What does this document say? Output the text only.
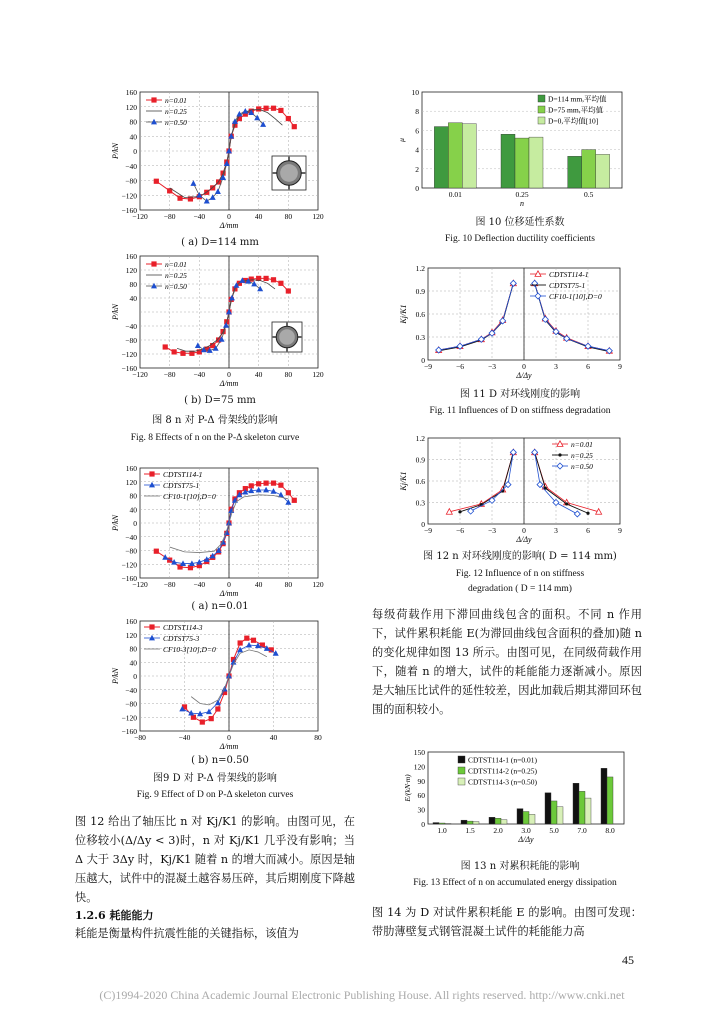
160
120
80
40
0
−40
−80
−120
−160
−120 −80 −40	0	40	80	120
Δ/mm
P/kN
n=0.01
n=0.25
n=0.50
( a) D=114 mm
160
120
80
40
−40
−80
−120
−160
−120 −80 −40	0	40	80	120
Δ/mm
P/kN
n=0.01
n=0.25
n=0.50
( b) D=75 mm
图 8 n 对 P-Δ 骨架线的影响
Fig. 8 Effects of n on the P-Δ skeleton curve
160
120
80
40
0
−40
−80
−120
−160
−120 −80 −40	0	40	80	120
Δ/mm
P/kN
CDTST114-1
CDTST75-1
CF10-1[10],D=0
( a) n=0.01
160
120
80
40
0
−40
−80
−120
−160
−80	−40	0	40	80
Δ/mm
P/kN
CDTST114-3
CDTST75-3
CF10-3[10],D=0
( b) n=0.50
图9 D 对 P-Δ 骨架线的影响
Fig. 9 Effect of D on P-Δ skeleton curves
10
8
6
4
2
0
0.01	0.25	0.5
n
μ
D=114 mm,平均值
D=75 mm,平均值
D=0,平均值[10]
图 10 位移延性系数
Fig. 10 Deflection ductility coefficients
1.2
0.9
0.6
0.3
0
−9	−6	−3	0	3	6	9
Δ/Δy
Kj/K1
CDTST114-1
CDTST75-1
CF10-1[10],D=0
图 11 D 对环线刚度的影响
Fig. 11 Influences of D on stiffness degradation
1.2
0.9
0.6
0.3
0
−9	−6	−3	0	3	6	9
Δ/Δy
Kj/K1
n=0.01
n=0.25
n=0.50
图 12 n 对环线刚度的影响( D = 114 mm)
Fig. 12 Influence of n on stiffness
degradation ( D = 114 mm)
每级荷载作用下滞回曲线包含的面积。不同 n 作用下，试件累积耗能 E(为滞回曲线包含面积的叠加)随 n 的变化规律如图 13 所示。由图可见，在同级荷载作用下，随着 n 的增大，试件的耗能能力逐渐减小。原因是大轴压比试件的延性较差，因此加载后期其滞回环包围的面积较小。
150
120
90
60
30
0
1.0 1.5 2.0 3.0 5.0 7.0 8.0
Δ/Δy
E/(kN·m)
CDTST114-1 (n=0.01)
CDTST114-2 (n=0.25)
CDTST114-3 (n=0.50)
图 13 n 对累积耗能的影响
Fig. 13 Effect of n on accumulated energy dissipation
图 14 为 D 对试件累积耗能 E 的影响。由图可发现：带肋薄壁复式钢管混凝土试件的耗能能力高
图 12 给出了轴压比 n 对 Kj/K1 的影响。由图可见，在位移较小(Δ/Δy < 3)时，n 对 Kj/K1 几乎没有影响；当 Δ 大于 3Δy 时，Kj/K1 随着 n 的增大而减小。原因是轴压越大，试件中的混凝土越容易压碎，其后期刚度下降越快。
1.2.6 耗能能力
耗能是衡量构件抗震性能的关键指标，该值为
45
(C)1994-2020 China Academic Journal Electronic Publishing House. All rights reserved. http://www.cnki.net
